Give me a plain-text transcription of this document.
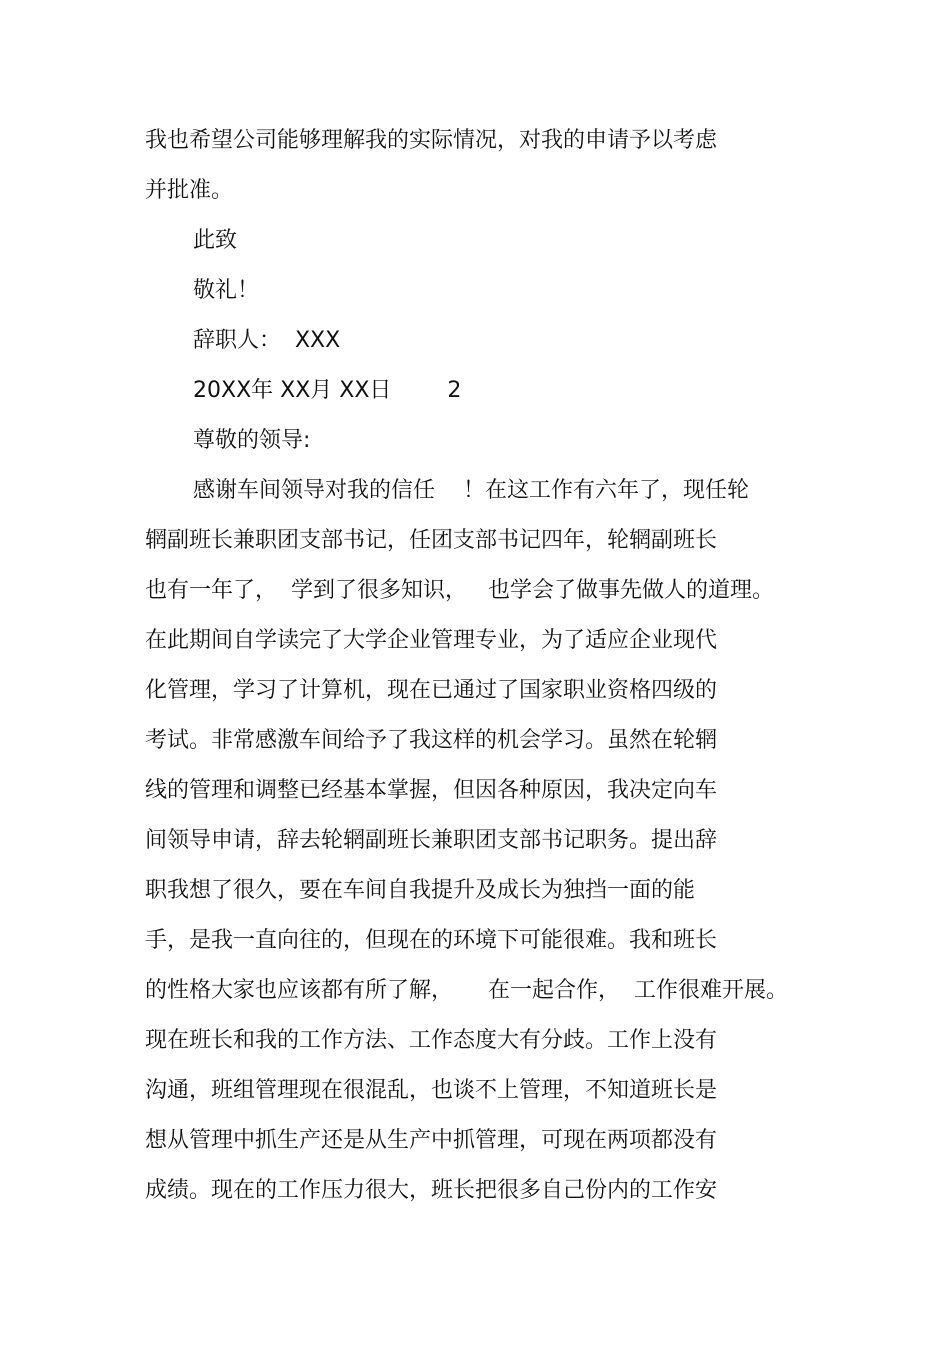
我也希望公司能够理解我的实际情况，对我的申请予以考虑
并批准。
此致
敬礼！
辞职人：  XXX
20XX年 XX月 XX日        2
尊敬的领导:
感谢车间领导对我的信任    ！在这工作有六年了，现任轮
辋副班长兼职团支部书记，任团支部书记四年，轮辋副班长
也有一年了，  学到了很多知识，   也学会了做事先做人的道理。
在此期间自学读完了大学企业管理专业，为了适应企业现代
化管理，学习了计算机，现在已通过了国家职业资格四级的
考试。非常感激车间给予了我这样的机会学习。虽然在轮辋
线的管理和调整已经基本掌握，但因各种原因，我决定向车
间领导申请，辞去轮辋副班长兼职团支部书记职务。提出辞
职我想了很久，要在车间自我提升及成长为独挡一面的能
手，是我一直向往的，但现在的环境下可能很难。我和班长
的性格大家也应该都有所了解，     在一起合作，  工作很难开展。
现在班长和我的工作方法、工作态度大有分歧。工作上没有
沟通，班组管理现在很混乱，也谈不上管理，不知道班长是
想从管理中抓生产还是从生产中抓管理，可现在两项都没有
成绩。现在的工作压力很大，班长把很多自己份内的工作安
